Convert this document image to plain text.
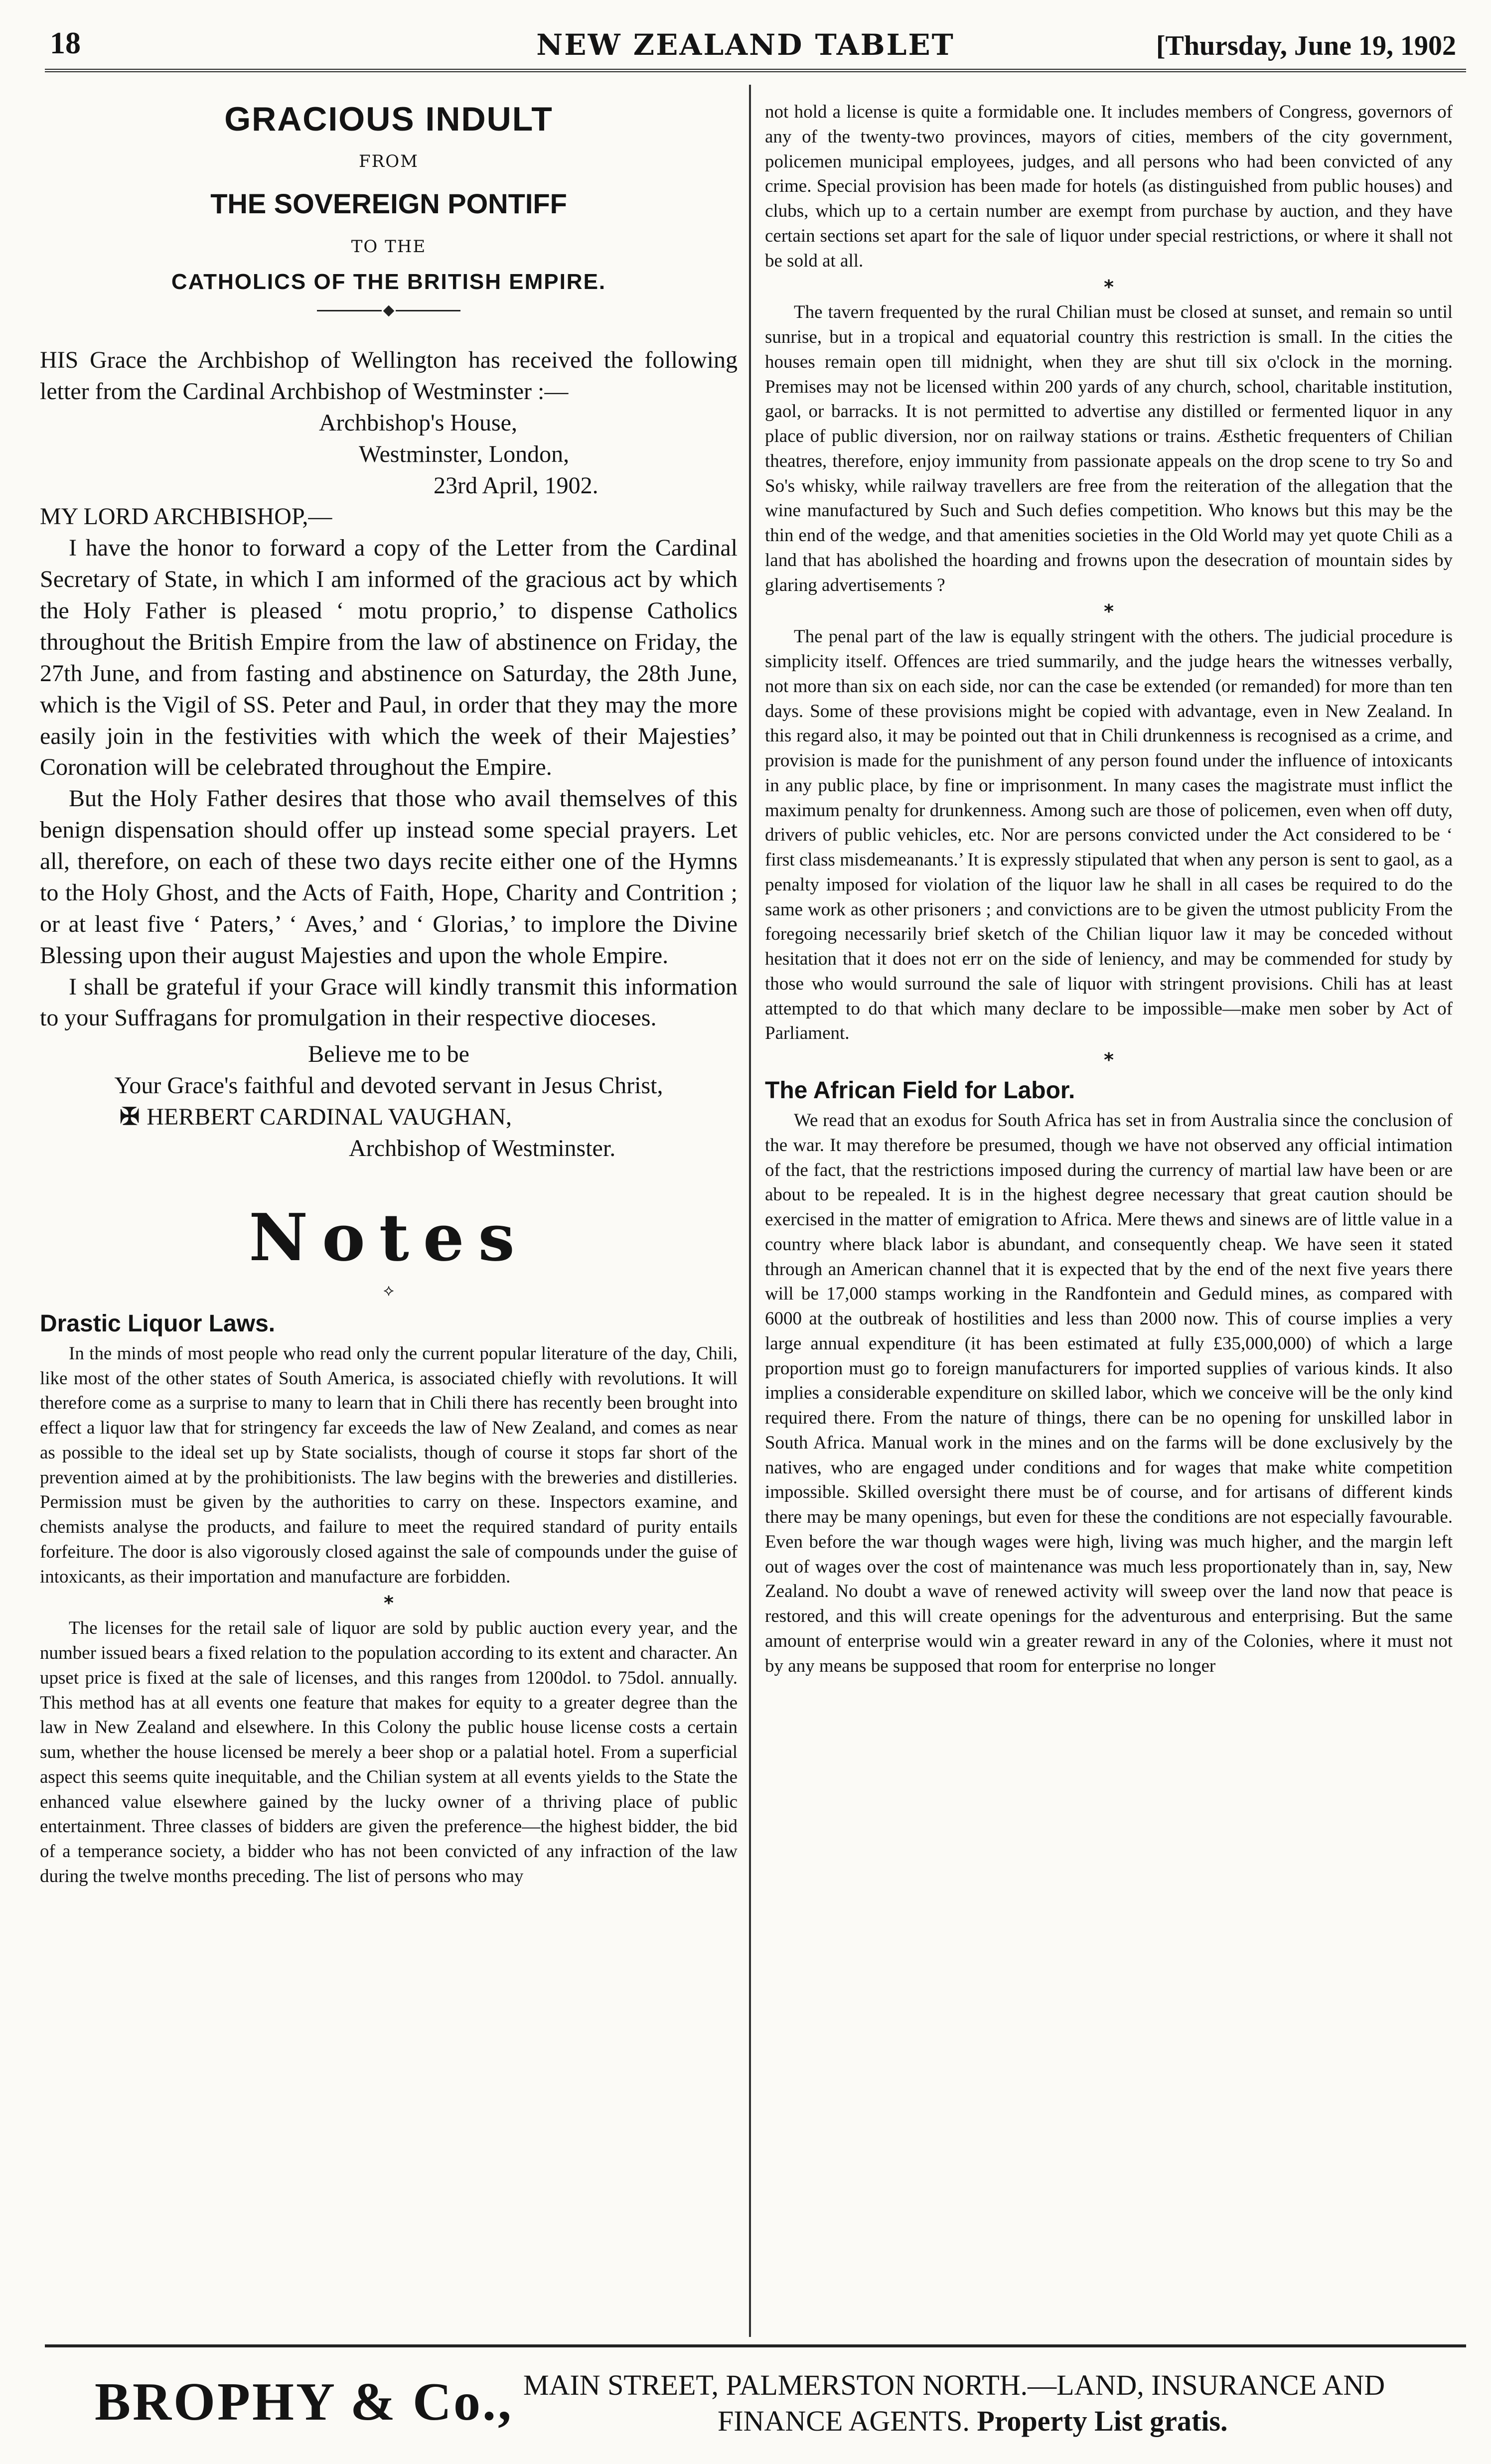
18	NEW ZEALAND TABLET	[Thursday, June 19, 1902
GRACIOUS INDULT
FROM
THE SOVEREIGN PONTIFF
TO THE
CATHOLICS OF THE BRITISH EMPIRE.

HIS Grace the Archbishop of Wellington has received the following letter from the Cardinal Archbishop of Westminster :—

Archbishop's House,
Westminster, London,
23rd April, 1902.

MY LORD ARCHBISHOP,—

I have the honor to forward a copy of the Letter from the Cardinal Secretary of State, in which I am informed of the gracious act by which the Holy Father is pleased ‘ motu proprio,’ to dispense Catholics throughout the British Empire from the law of abstinence on Friday, the 27th June, and from fasting and abstinence on Saturday, the 28th June, which is the Vigil of SS. Peter and Paul, in order that they may the more easily join in the festivities with which the week of their Majesties’ Coronation will be celebrated throughout the Empire.

But the Holy Father desires that those who avail themselves of this benign dispensation should offer up instead some special prayers. Let all, therefore, on each of these two days recite either one of the Hymns to the Holy Ghost, and the Acts of Faith, Hope, Charity and Contrition ; or at least five ‘ Paters,’ ‘ Aves,’ and ‘ Glorias,’ to implore the Divine Blessing upon their august Majesties and upon the whole Empire.

I shall be grateful if your Grace will kindly transmit this information to your Suffragans for promulgation in their respective dioceses.

Believe me to be
Your Grace's faithful and devoted servant in Jesus Christ,
✠ HERBERT CARDINAL VAUGHAN,
Archbishop of Westminster.
Notes
⟡
Drastic Liquor Laws.

In the minds of most people who read only the current popular literature of the day, Chili, like most of the other states of South America, is associated chiefly with revolutions. It will therefore come as a surprise to many to learn that in Chili there has recently been brought into effect a liquor law that for stringency far exceeds the law of New Zealand, and comes as near as possible to the ideal set up by State socialists, though of course it stops far short of the prevention aimed at by the prohibitionists. The law begins with the breweries and distilleries. Permission must be given by the authorities to carry on these. Inspectors examine, and chemists analyse the products, and failure to meet the required standard of purity entails forfeiture. The door is also vigorously closed against the sale of compounds under the guise of intoxicants, as their importation and manufacture are forbidden.

*

The licenses for the retail sale of liquor are sold by public auction every year, and the number issued bears a fixed relation to the population according to its extent and character. An upset price is fixed at the sale of licenses, and this ranges from 1200dol. to 75dol. annually. This method has at all events one feature that makes for equity to a greater degree than the law in New Zealand and elsewhere. In this Colony the public house license costs a certain sum, whether the house licensed be merely a beer shop or a palatial hotel. From a superficial aspect this seems quite inequitable, and the Chilian system at all events yields to the State the enhanced value elsewhere gained by the lucky owner of a thriving place of public entertainment. Three classes of bidders are given the preference—the highest bidder, the bid of a temperance society, a bidder who has not been convicted of any infraction of the law during the twelve months preceding. The list of persons who may

not hold a license is quite a formidable one. It includes members of Congress, governors of any of the twenty-two provinces, mayors of cities, members of the city government, policemen municipal employees, judges, and all persons who had been convicted of any crime. Special provision has been made for hotels (as distinguished from public houses) and clubs, which up to a certain number are exempt from purchase by auction, and they have certain sections set apart for the sale of liquor under special restrictions, or where it shall not be sold at all.

*

The tavern frequented by the rural Chilian must be closed at sunset, and remain so until sunrise, but in a tropical and equatorial country this restriction is small. In the cities the houses remain open till midnight, when they are shut till six o'clock in the morning. Premises may not be licensed within 200 yards of any church, school, charitable institution, gaol, or barracks. It is not permitted to advertise any distilled or fermented liquor in any place of public diversion, nor on railway stations or trains. Æsthetic frequenters of Chilian theatres, therefore, enjoy immunity from passionate appeals on the drop scene to try So and So's whisky, while railway travellers are free from the reiteration of the allegation that the wine manufactured by Such and Such defies competition. Who knows but this may be the thin end of the wedge, and that amenities societies in the Old World may yet quote Chili as a land that has abolished the hoarding and frowns upon the desecration of mountain sides by glaring advertisements ?

*

The penal part of the law is equally stringent with the others. The judicial procedure is simplicity itself. Offences are tried summarily, and the judge hears the witnesses verbally, not more than six on each side, nor can the case be extended (or remanded) for more than ten days. Some of these provisions might be copied with advantage, even in New Zealand. In this regard also, it may be pointed out that in Chili drunkenness is recognised as a crime, and provision is made for the punishment of any person found under the influence of intoxicants in any public place, by fine or imprisonment. In many cases the magistrate must inflict the maximum penalty for drunkenness. Among such are those of policemen, even when off duty, drivers of public vehicles, etc. Nor are persons convicted under the Act considered to be ‘ first class misdemeanants.’ It is expressly stipulated that when any person is sent to gaol, as a penalty imposed for violation of the liquor law he shall in all cases be required to do the same work as other prisoners ; and convictions are to be given the utmost publicity From the foregoing necessarily brief sketch of the Chilian liquor law it may be conceded without hesitation that it does not err on the side of leniency, and may be commended for study by those who would surround the sale of liquor with stringent provisions. Chili has at least attempted to do that which many declare to be impossible—make men sober by Act of Parliament.

*
The African Field for Labor.

We read that an exodus for South Africa has set in from Australia since the conclusion of the war. It may therefore be presumed, though we have not observed any official intimation of the fact, that the restrictions imposed during the currency of martial law have been or are about to be repealed. It is in the highest degree necessary that great caution should be exercised in the matter of emigration to Africa. Mere thews and sinews are of little value in a country where black labor is abundant, and consequently cheap. We have seen it stated through an American channel that it is expected that by the end of the next five years there will be 17,000 stamps working in the Randfontein and Geduld mines, as compared with 6000 at the outbreak of hostilities and less than 2000 now. This of course implies a very large annual expenditure (it has been estimated at fully £35,000,000) of which a large proportion must go to foreign manufacturers for imported supplies of various kinds. It also implies a considerable expenditure on skilled labor, which we conceive will be the only kind required there. From the nature of things, there can be no opening for unskilled labor in South Africa. Manual work in the mines and on the farms will be done exclusively by the natives, who are engaged under conditions and for wages that make white competition impossible. Skilled oversight there must be of course, and for artisans of different kinds there may be many openings, but even for these the conditions are not especially favourable. Even before the war though wages were high, living was much higher, and the margin left out of wages over the cost of maintenance was much less proportionately than in, say, New Zealand. No doubt a wave of renewed activity will sweep over the land now that peace is restored, and this will create openings for the adventurous and enterprising. But the same amount of enterprise would win a greater reward in any of the Colonies, where it must not by any means be supposed that room for enterprise no longer

BROPHY & Co., MAIN STREET, PALMERSTON NORTH.—LAND, INSURANCE AND
FINANCE AGENTS. Property List gratis.
